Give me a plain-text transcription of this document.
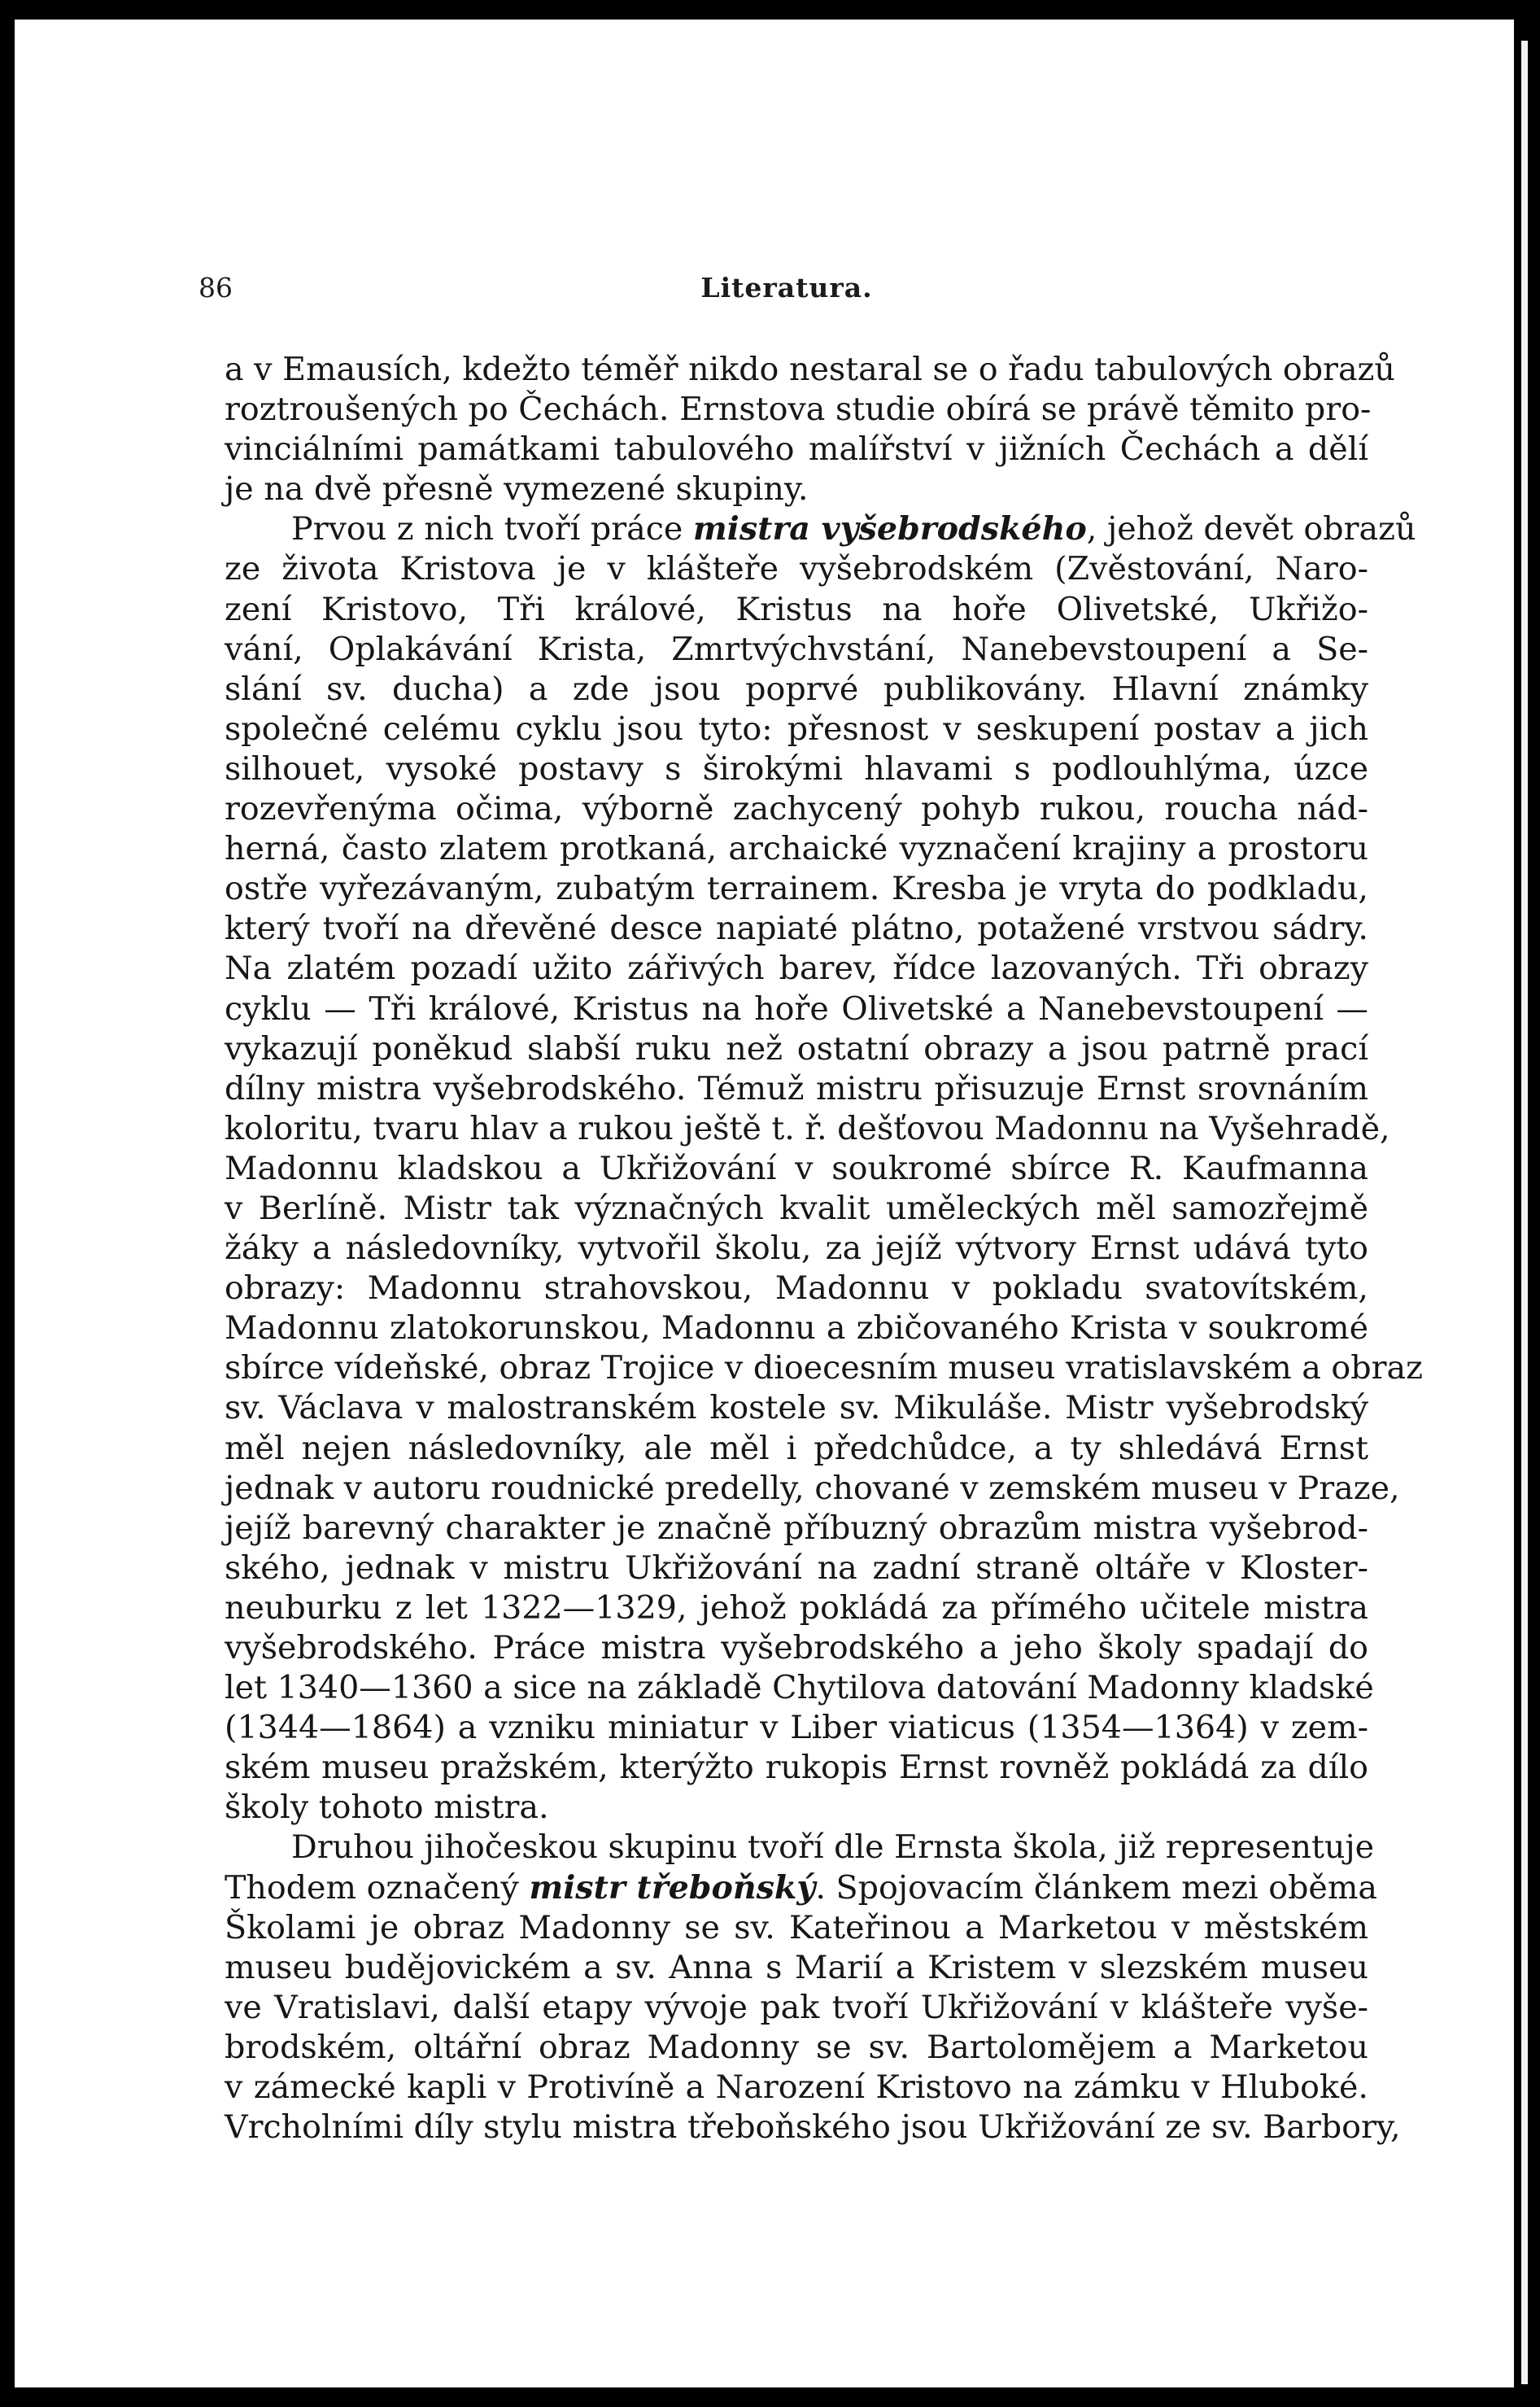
86	Literatura.
a v Emausích, kdežto téměř nikdo nestaral se o řadu tabulových obrazů
roztroušených po Čechách. Ernstova studie obírá se právě těmito pro-
vinciálními památkami tabulového malířství v jižních Čechách a dělí
je na dvě přesně vymezené skupiny.
Prvou z nich tvoří práce mistra vyšebrodského, jehož devět obrazů
ze života Kristova je v klášteře vyšebrodském (Zvěstování, Naro-
zení Kristovo, Tři králové, Kristus na hoře Olivetské, Ukřižo-
vání, Oplakávání Krista, Zmrtvýchvstání, Nanebevstoupení a Se-
slání sv. ducha) a zde jsou poprvé publikovány. Hlavní známky
společné celému cyklu jsou tyto: přesnost v seskupení postav a jich
silhouet, vysoké postavy s širokými hlavami s podlouhlýma, úzce
rozevřenýma očima, výborně zachycený pohyb rukou, roucha nád-
herná, často zlatem protkaná, archaické vyznačení krajiny a prostoru
ostře vyřezávaným, zubatým terrainem. Kresba je vryta do podkladu,
který tvoří na dřevěné desce napiaté plátno, potažené vrstvou sádry.
Na zlatém pozadí užito zářivých barev, řídce lazovaných. Tři obrazy
cyklu — Tři králové, Kristus na hoře Olivetské a Nanebevstoupení —
vykazují poněkud slabší ruku než ostatní obrazy a jsou patrně prací
dílny mistra vyšebrodského. Témuž mistru přisuzuje Ernst srovnáním
koloritu, tvaru hlav a rukou ještě t. ř. dešťovou Madonnu na Vyšehradě,
Madonnu kladskou a Ukřižování v soukromé sbírce R. Kaufmanna
v Berlíně. Mistr tak význačných kvalit uměleckých měl samozřejmě
žáky a následovníky, vytvořil školu, za jejíž výtvory Ernst udává tyto
obrazy: Madonnu strahovskou, Madonnu v pokladu svatovítském,
Madonnu zlatokorunskou, Madonnu a zbičovaného Krista v soukromé
sbírce vídeňské, obraz Trojice v dioecesním museu vratislavském a obraz
sv. Václava v malostranském kostele sv. Mikuláše. Mistr vyšebrodský
měl nejen následovníky, ale měl i předchůdce, a ty shledává Ernst
jednak v autoru roudnické predelly, chované v zemském museu v Praze,
jejíž barevný charakter je značně příbuzný obrazům mistra vyšebrod-
ského, jednak v mistru Ukřižování na zadní straně oltáře v Kloster-
neuburku z let 1322—1329, jehož pokládá za přímého učitele mistra
vyšebrodského. Práce mistra vyšebrodského a jeho školy spadají do
let 1340—1360 a sice na základě Chytilova datování Madonny kladské
(1344—1864) a vzniku miniatur v Liber viaticus (1354—1364) v zem-
ském museu pražském, kterýžto rukopis Ernst rovněž pokládá za dílo
školy tohoto mistra.
Druhou jihočeskou skupinu tvoří dle Ernsta škola, již representuje
Thodem označený mistr třeboňský. Spojovacím článkem mezi oběma
Školami je obraz Madonny se sv. Kateřinou a Marketou v městském
museu budějovickém a sv. Anna s Marií a Kristem v slezském museu
ve Vratislavi, další etapy vývoje pak tvoří Ukřižování v klášteře vyše-
brodském, oltářní obraz Madonny se sv. Bartolomějem a Marketou
v zámecké kapli v Protivíně a Narození Kristovo na zámku v Hluboké.
Vrcholními díly stylu mistra třeboňského jsou Ukřižování ze sv. Barbory,
